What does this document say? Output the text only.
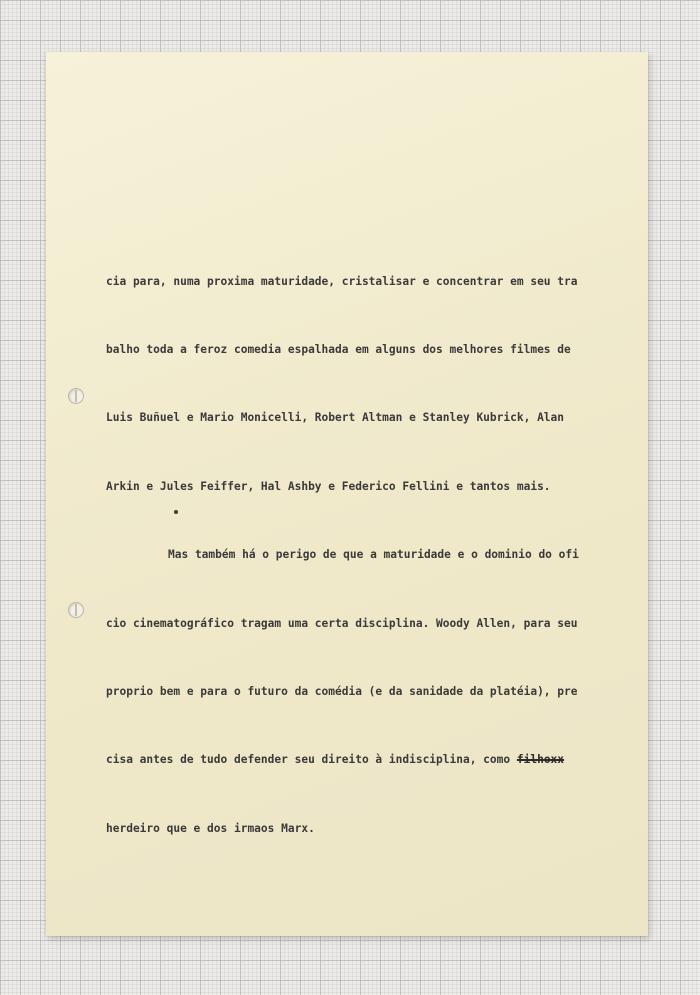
cia para, numa proxima maturidade, cristalisar e concentrar em seu tra

balho toda a feroz comedia espalhada em alguns dos melhores filmes de

Luis Buñuel e Mario Monicelli, Robert Altman e Stanley Kubrick, Alan

Arkin e Jules Feiffer, Hal Ashby e Federico Fellini e tantos mais.

Mas também há o perigo de que a maturidade e o dominio do ofi

cio cinematográfico tragam uma certa disciplina. Woody Allen, para seu

proprio bem e para o futuro da comédia (e da sanidade da platéia), pre

cisa antes de tudo defender seu direito à indisciplina, como filhoxx

herdeiro que e dos irmaos Marx.
